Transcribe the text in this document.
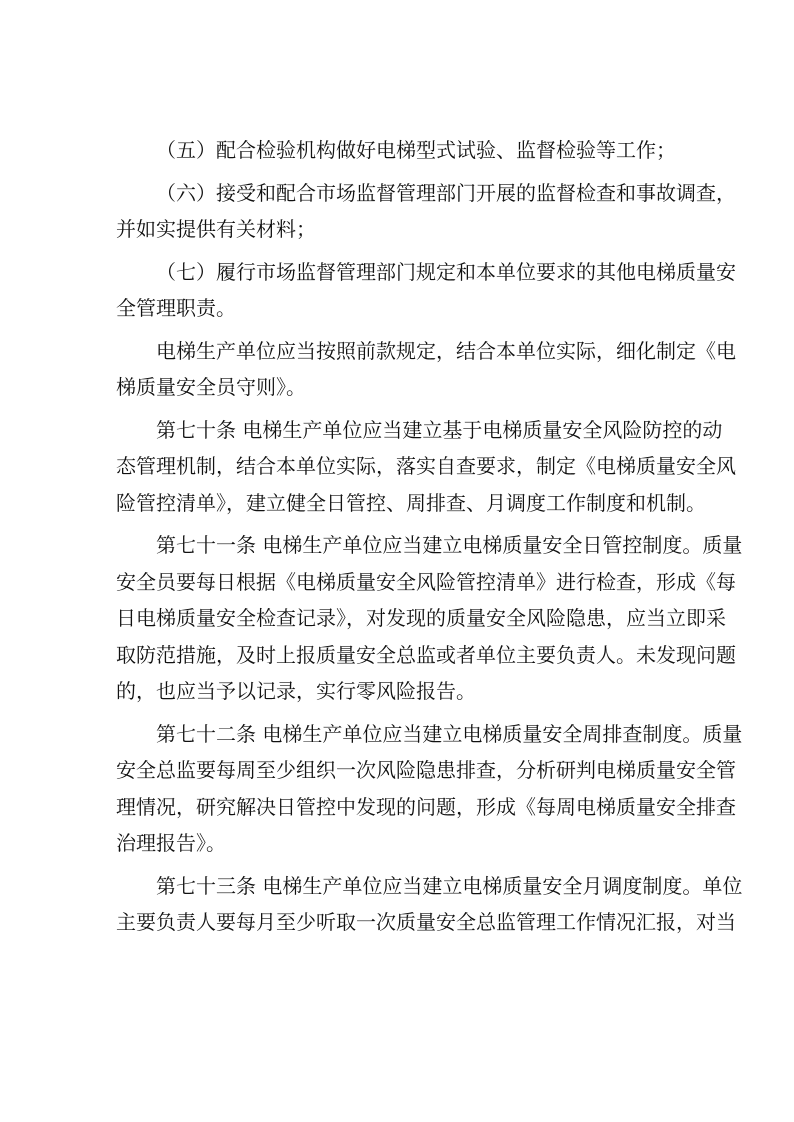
（五）配合检验机构做好电梯型式试验、监督检验等工作；
（六）接受和配合市场监督管理部门开展的监督检查和事故调查，
并如实提供有关材料；
（七）履行市场监督管理部门规定和本单位要求的其他电梯质量安
全管理职责。
电梯生产单位应当按照前款规定，结合本单位实际，细化制定《电
梯质量安全员守则》。
第七十条 电梯生产单位应当建立基于电梯质量安全风险防控的动
态管理机制，结合本单位实际，落实自查要求，制定《电梯质量安全风
险管控清单》，建立健全日管控、周排查、月调度工作制度和机制。
第七十一条 电梯生产单位应当建立电梯质量安全日管控制度。质量
安全员要每日根据《电梯质量安全风险管控清单》进行检查，形成《每
日电梯质量安全检查记录》，对发现的质量安全风险隐患，应当立即采
取防范措施，及时上报质量安全总监或者单位主要负责人。未发现问题
的，也应当予以记录，实行零风险报告。
第七十二条 电梯生产单位应当建立电梯质量安全周排查制度。质量
安全总监要每周至少组织一次风险隐患排查，分析研判电梯质量安全管
理情况，研究解决日管控中发现的问题，形成《每周电梯质量安全排查
治理报告》。
第七十三条 电梯生产单位应当建立电梯质量安全月调度制度。单位
主要负责人要每月至少听取一次质量安全总监管理工作情况汇报，对当
